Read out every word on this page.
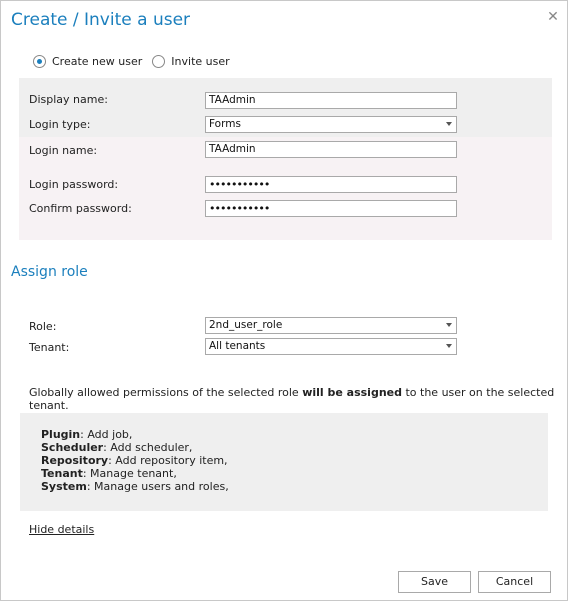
Create / Invite a user	✕
Create new user	Invite user
Display name:	TAAdmin
Login type:	Forms
Login name:	TAAdmin
Login password:	•••••••••••
Confirm password:	•••••••••••
Assign role
Role:	2nd_user_role
Tenant:	All tenants
Globally allowed permissions of the selected role will be assigned to the user on the selected tenant.
Plugin: Add job,
Scheduler: Add scheduler,
Repository: Add repository item,
Tenant: Manage tenant,
System: Manage users and roles,
Hide details
Save	Cancel
